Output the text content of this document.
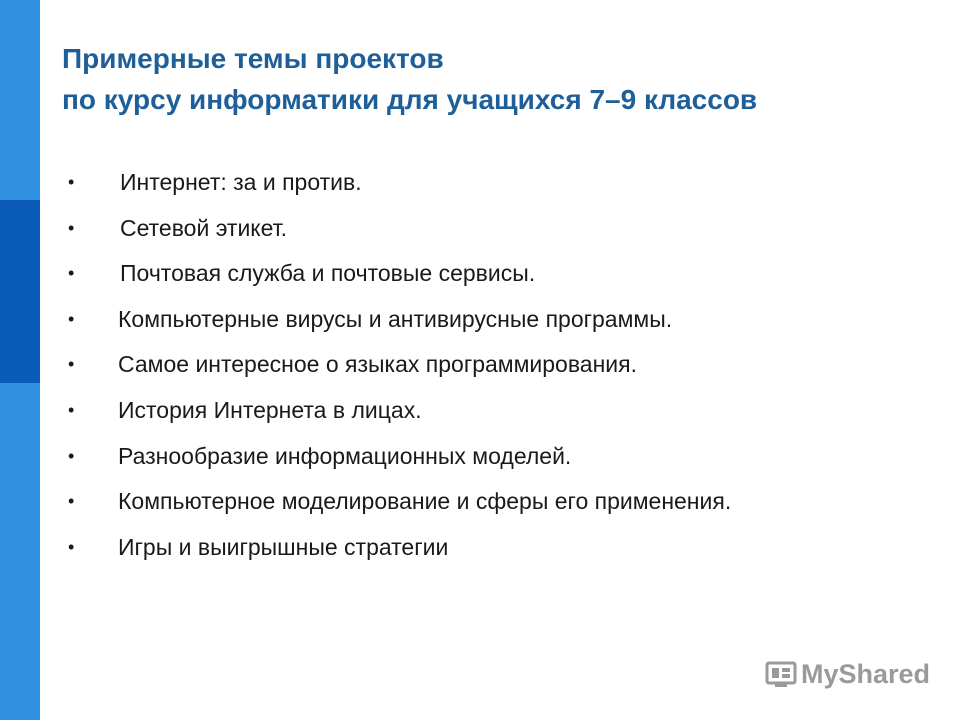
Примерные темы проектов
по курсу информатики для учащихся 7–9 классов
• Интернет: за и против.
• Сетевой этикет.
• Почтовая служба и почтовые сервисы.
• Компьютерные вирусы и антивирусные программы.
• Самое интересное о языках программирования.
• История Интернета в лицах.
• Разнообразие информационных моделей.
• Компьютерное моделирование и сферы его применения.
• Игры и выигрышные стратегии
MyShared
